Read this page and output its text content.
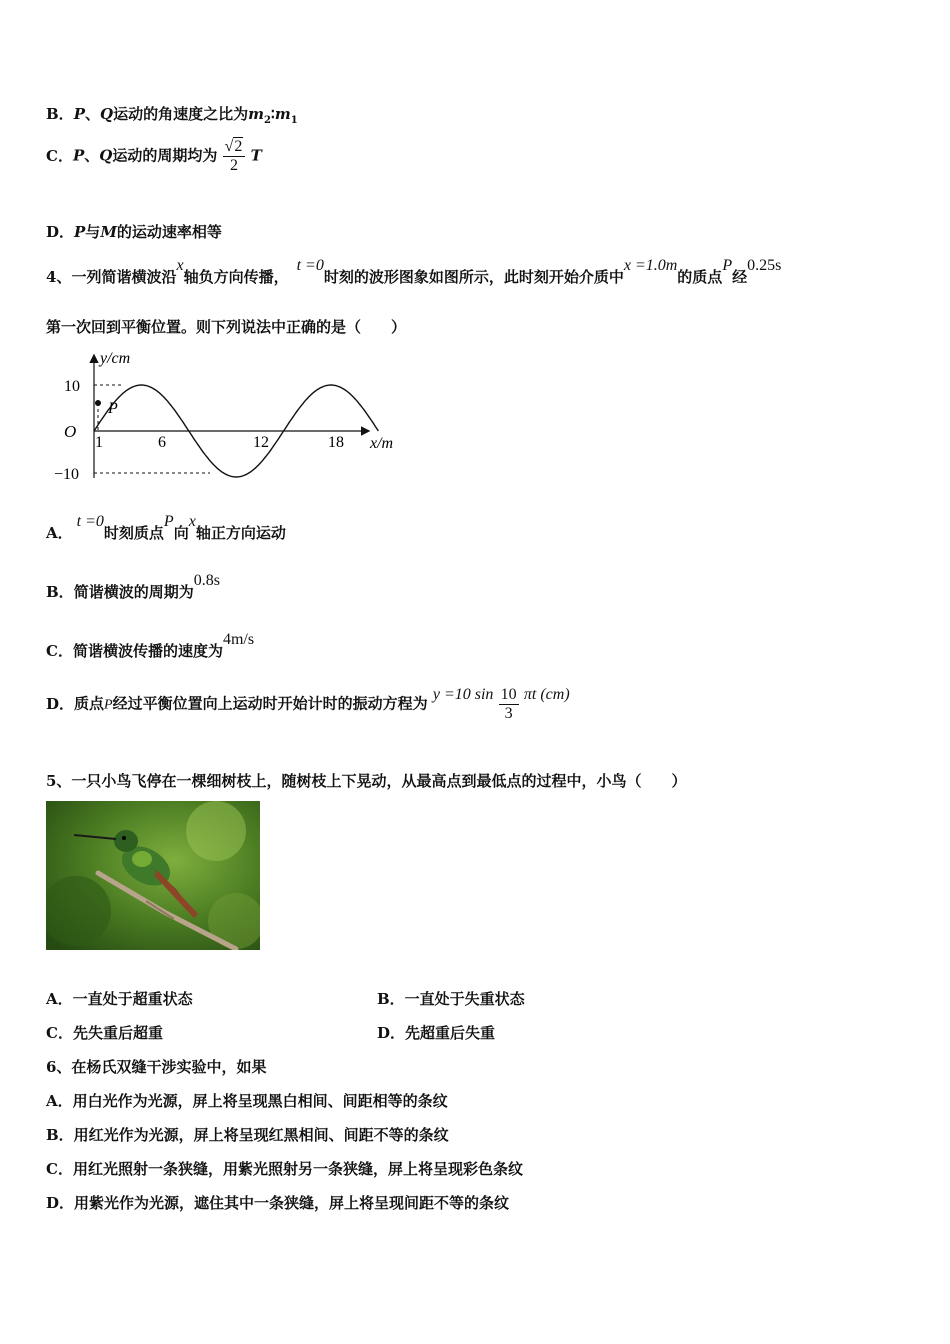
B．P、Q运动的角速度之比为$m_2∶m_1$
C．P、Q运动的周期均为 $\frac{√2}{2}$ T
D．P与M的运动速率相等
4、一列简谐横波沿x轴负方向传播，t =0时刻的波形图象如图所示，此时刻开始介质中x =1.0m的质点P经0.25s
第一次回到平衡位置。则下列说法中正确的是（　　）
y/cm
x/m
O
P
10
−10
1	6	12	18
A．t =0时刻质点P向x轴正方向运动
B．简谐横波的周期为0.8s
C．简谐横波传播的速度为4m/s
D．质点P经过平衡位置向上运动时开始计时的振动方程为 y =10 $\sin \frac{10}{3}$ πt (cm)
5、一只小鸟飞停在一棵细树枝上，随树枝上下晃动，从最高点到最低点的过程中，小鸟（　　）
A．一直处于超重状态	B．一直处于失重状态
C．先失重后超重	D．先超重后失重
6、在杨氏双缝干涉实验中，如果
A．用白光作为光源，屏上将呈现黑白相间、间距相等的条纹
B．用红光作为光源，屏上将呈现红黑相间、间距不等的条纹
C．用红光照射一条狭缝，用紫光照射另一条狭缝，屏上将呈现彩色条纹
D．用紫光作为光源，遮住其中一条狭缝，屏上将呈现间距不等的条纹
